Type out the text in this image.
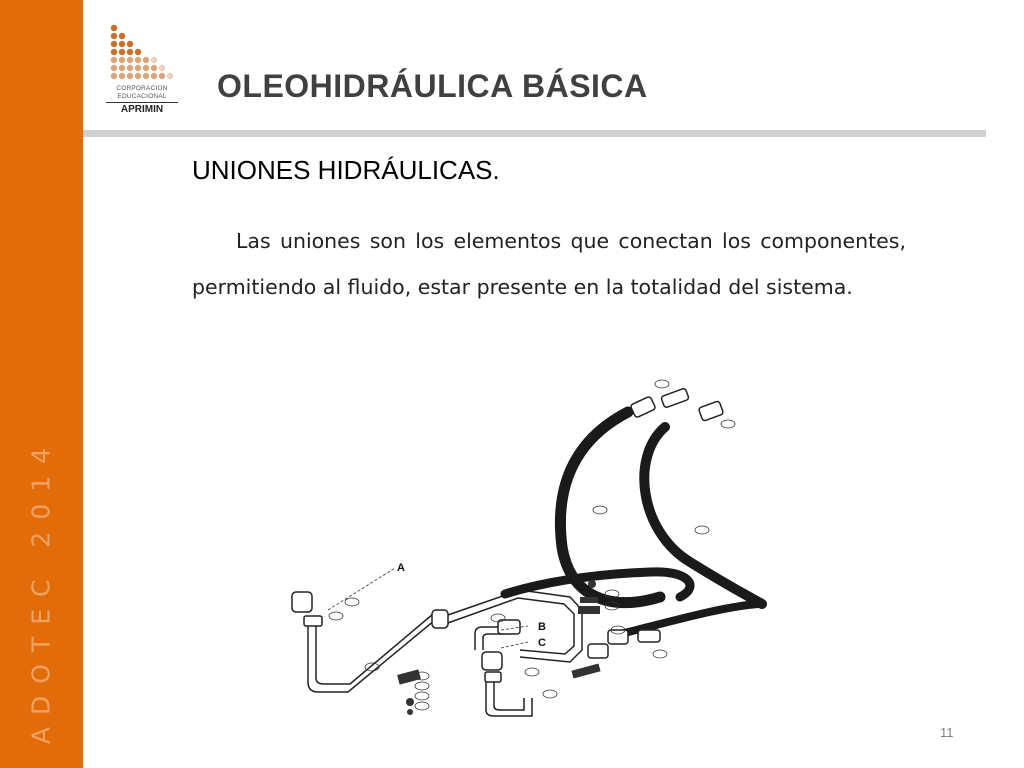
ADOTEC 2014
CORPORACION
EDUCACIONAL
APRIMIN
OLEOHIDRÁULICA BÁSICA
UNIONES HIDRÁULICAS.
Las uniones son los elementos que conectan los componentes, permitiendo al fluido, estar presente en la totalidad del sistema.
A
B
C
11
